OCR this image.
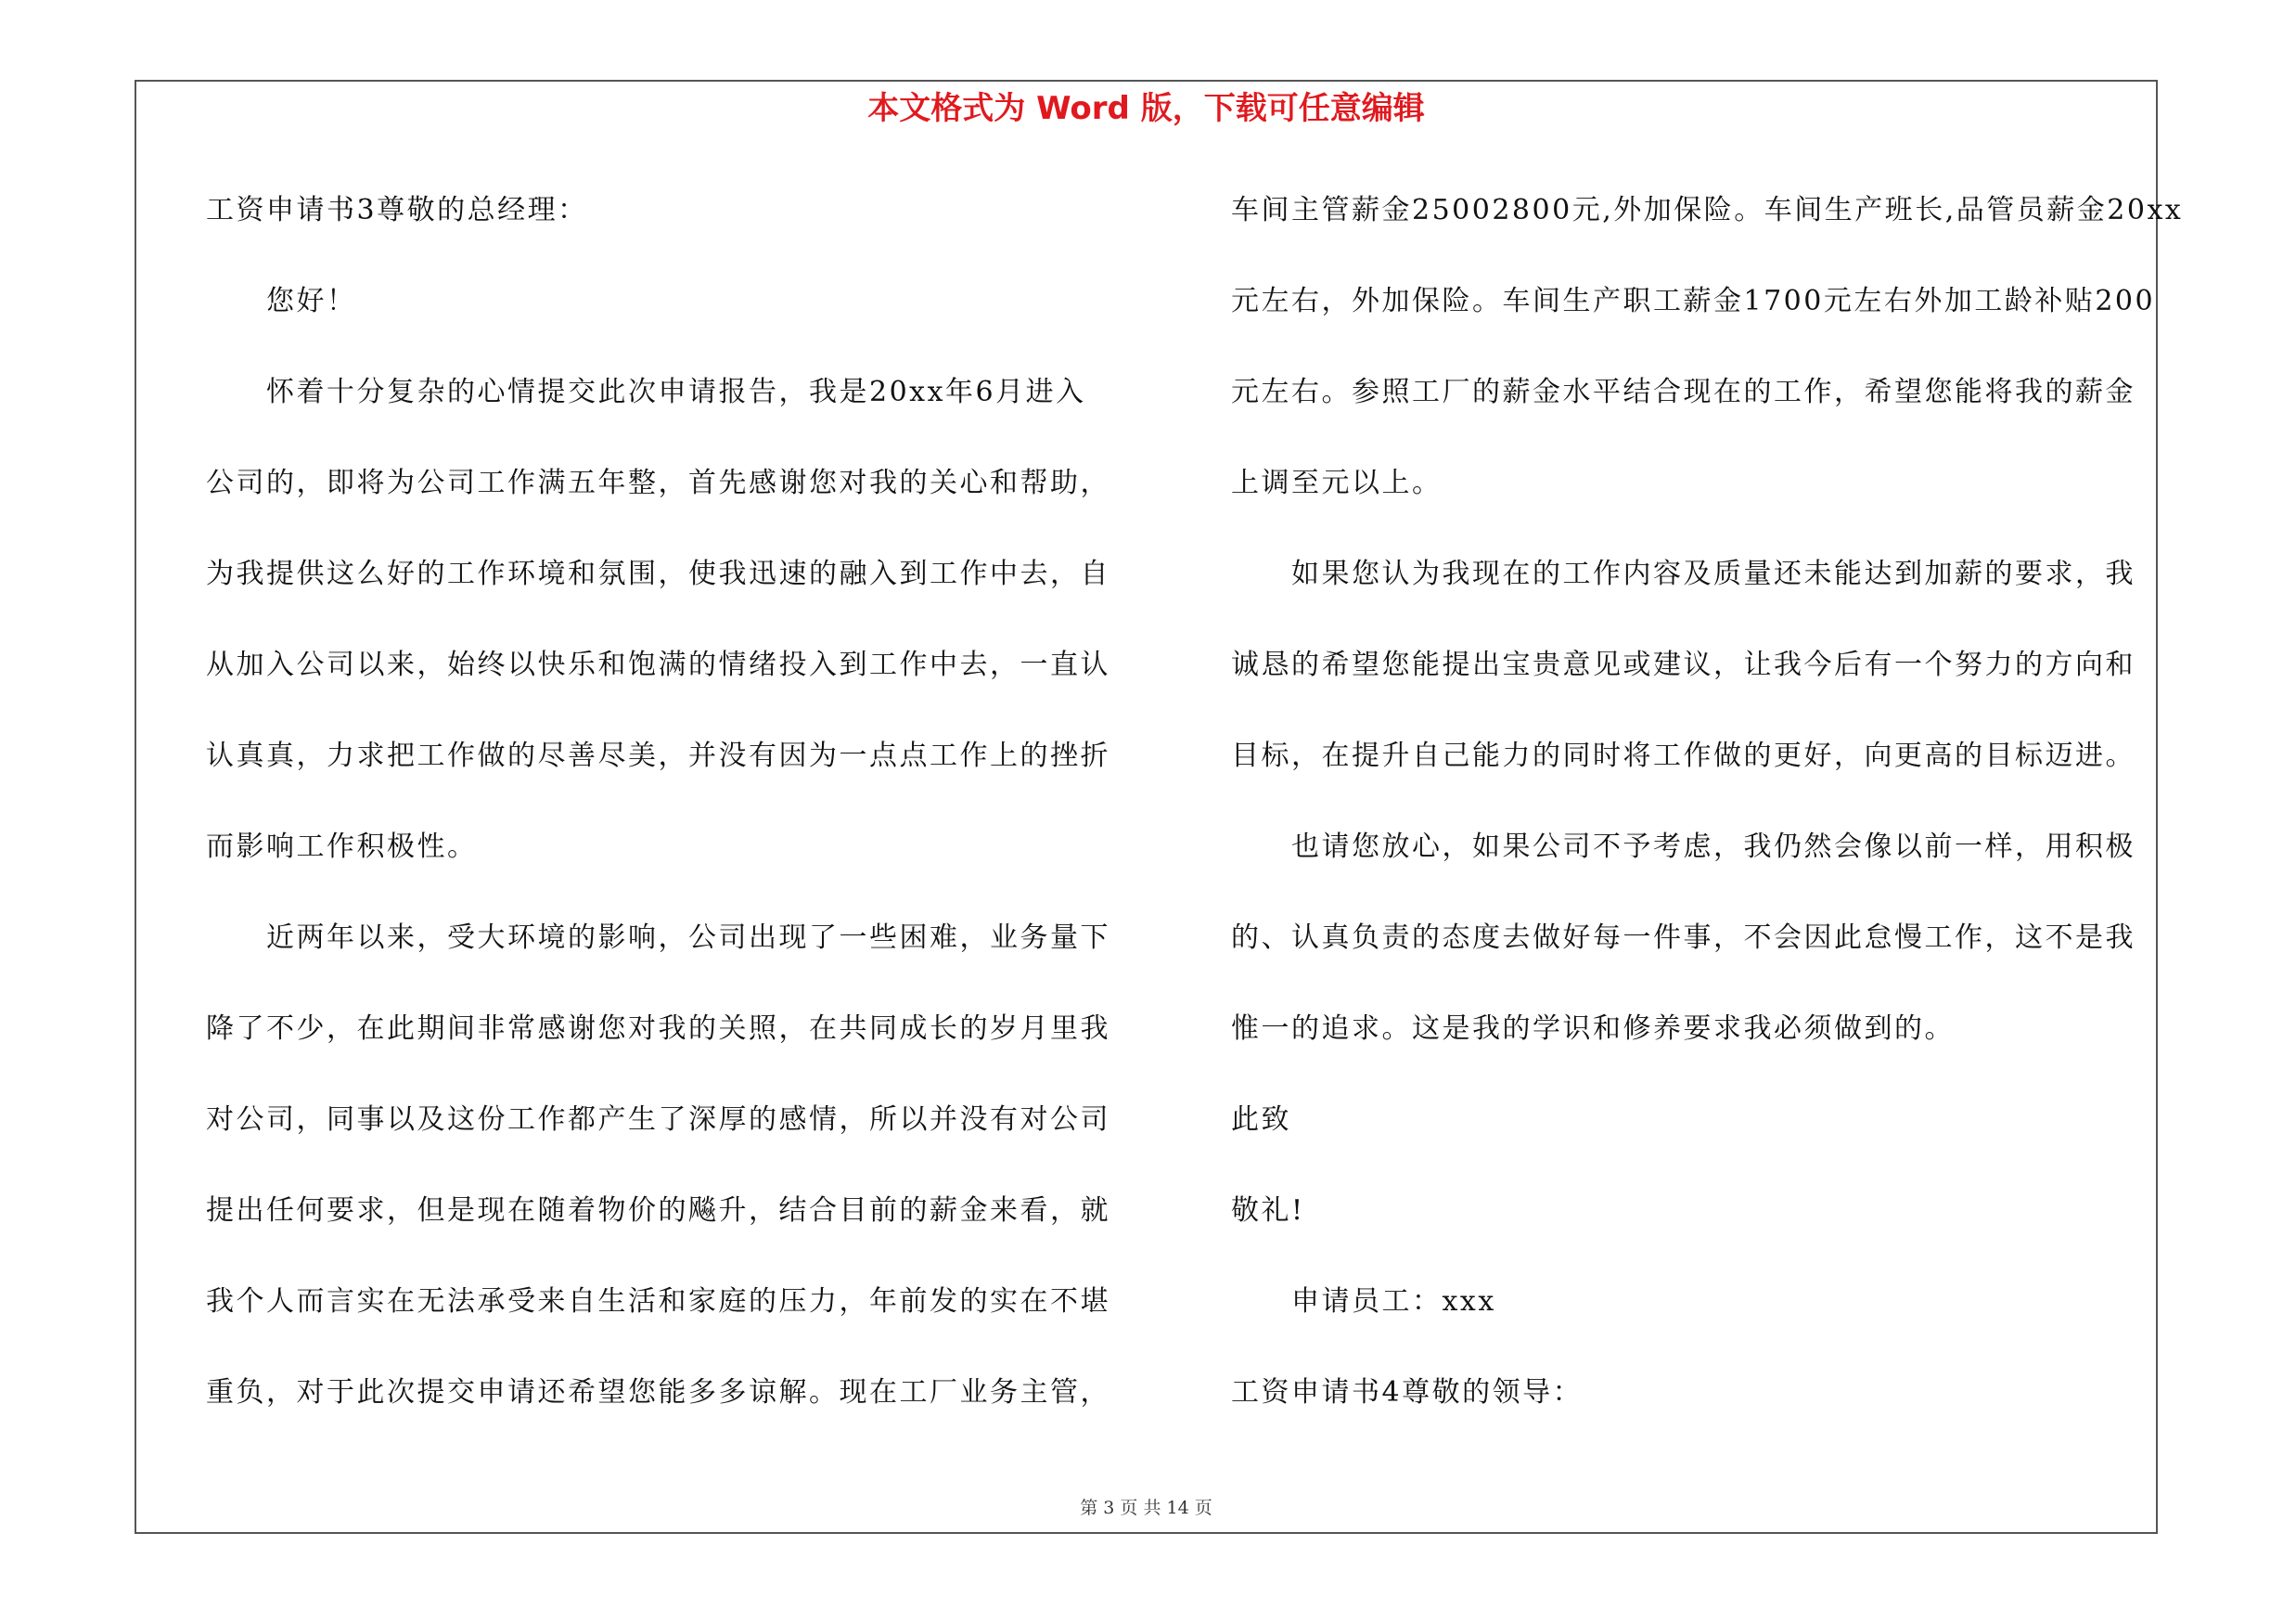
本文格式为 Word 版，下载可任意编辑
工资申请书3尊敬的总经理：
您好！
怀着十分复杂的心情提交此次申请报告，我是20xx年6月进入
公司的，即将为公司工作满五年整，首先感谢您对我的关心和帮助，
为我提供这么好的工作环境和氛围，使我迅速的融入到工作中去，自
从加入公司以来，始终以快乐和饱满的情绪投入到工作中去，一直认
认真真，力求把工作做的尽善尽美，并没有因为一点点工作上的挫折
而影响工作积极性。
近两年以来，受大环境的影响，公司出现了一些困难，业务量下
降了不少，在此期间非常感谢您对我的关照，在共同成长的岁月里我
对公司，同事以及这份工作都产生了深厚的感情，所以并没有对公司
提出任何要求，但是现在随着物价的飚升，结合目前的薪金来看，就
我个人而言实在无法承受来自生活和家庭的压力，年前发的实在不堪
重负，对于此次提交申请还希望您能多多谅解。现在工厂业务主管，
车间主管薪金25002800元,外加保险。车间生产班长,品管员薪金20xx
元左右，外加保险。车间生产职工薪金1700元左右外加工龄补贴200
元左右。参照工厂的薪金水平结合现在的工作，希望您能将我的薪金
上调至元以上。
如果您认为我现在的工作内容及质量还未能达到加薪的要求，我
诚恳的希望您能提出宝贵意见或建议，让我今后有一个努力的方向和
目标，在提升自己能力的同时将工作做的更好，向更高的目标迈进。
也请您放心，如果公司不予考虑，我仍然会像以前一样，用积极
的、认真负责的态度去做好每一件事，不会因此怠慢工作，这不是我
惟一的追求。这是我的学识和修养要求我必须做到的。
此致
敬礼!
申请员工：xxx
工资申请书4尊敬的领导：
第 3 页 共 14 页
